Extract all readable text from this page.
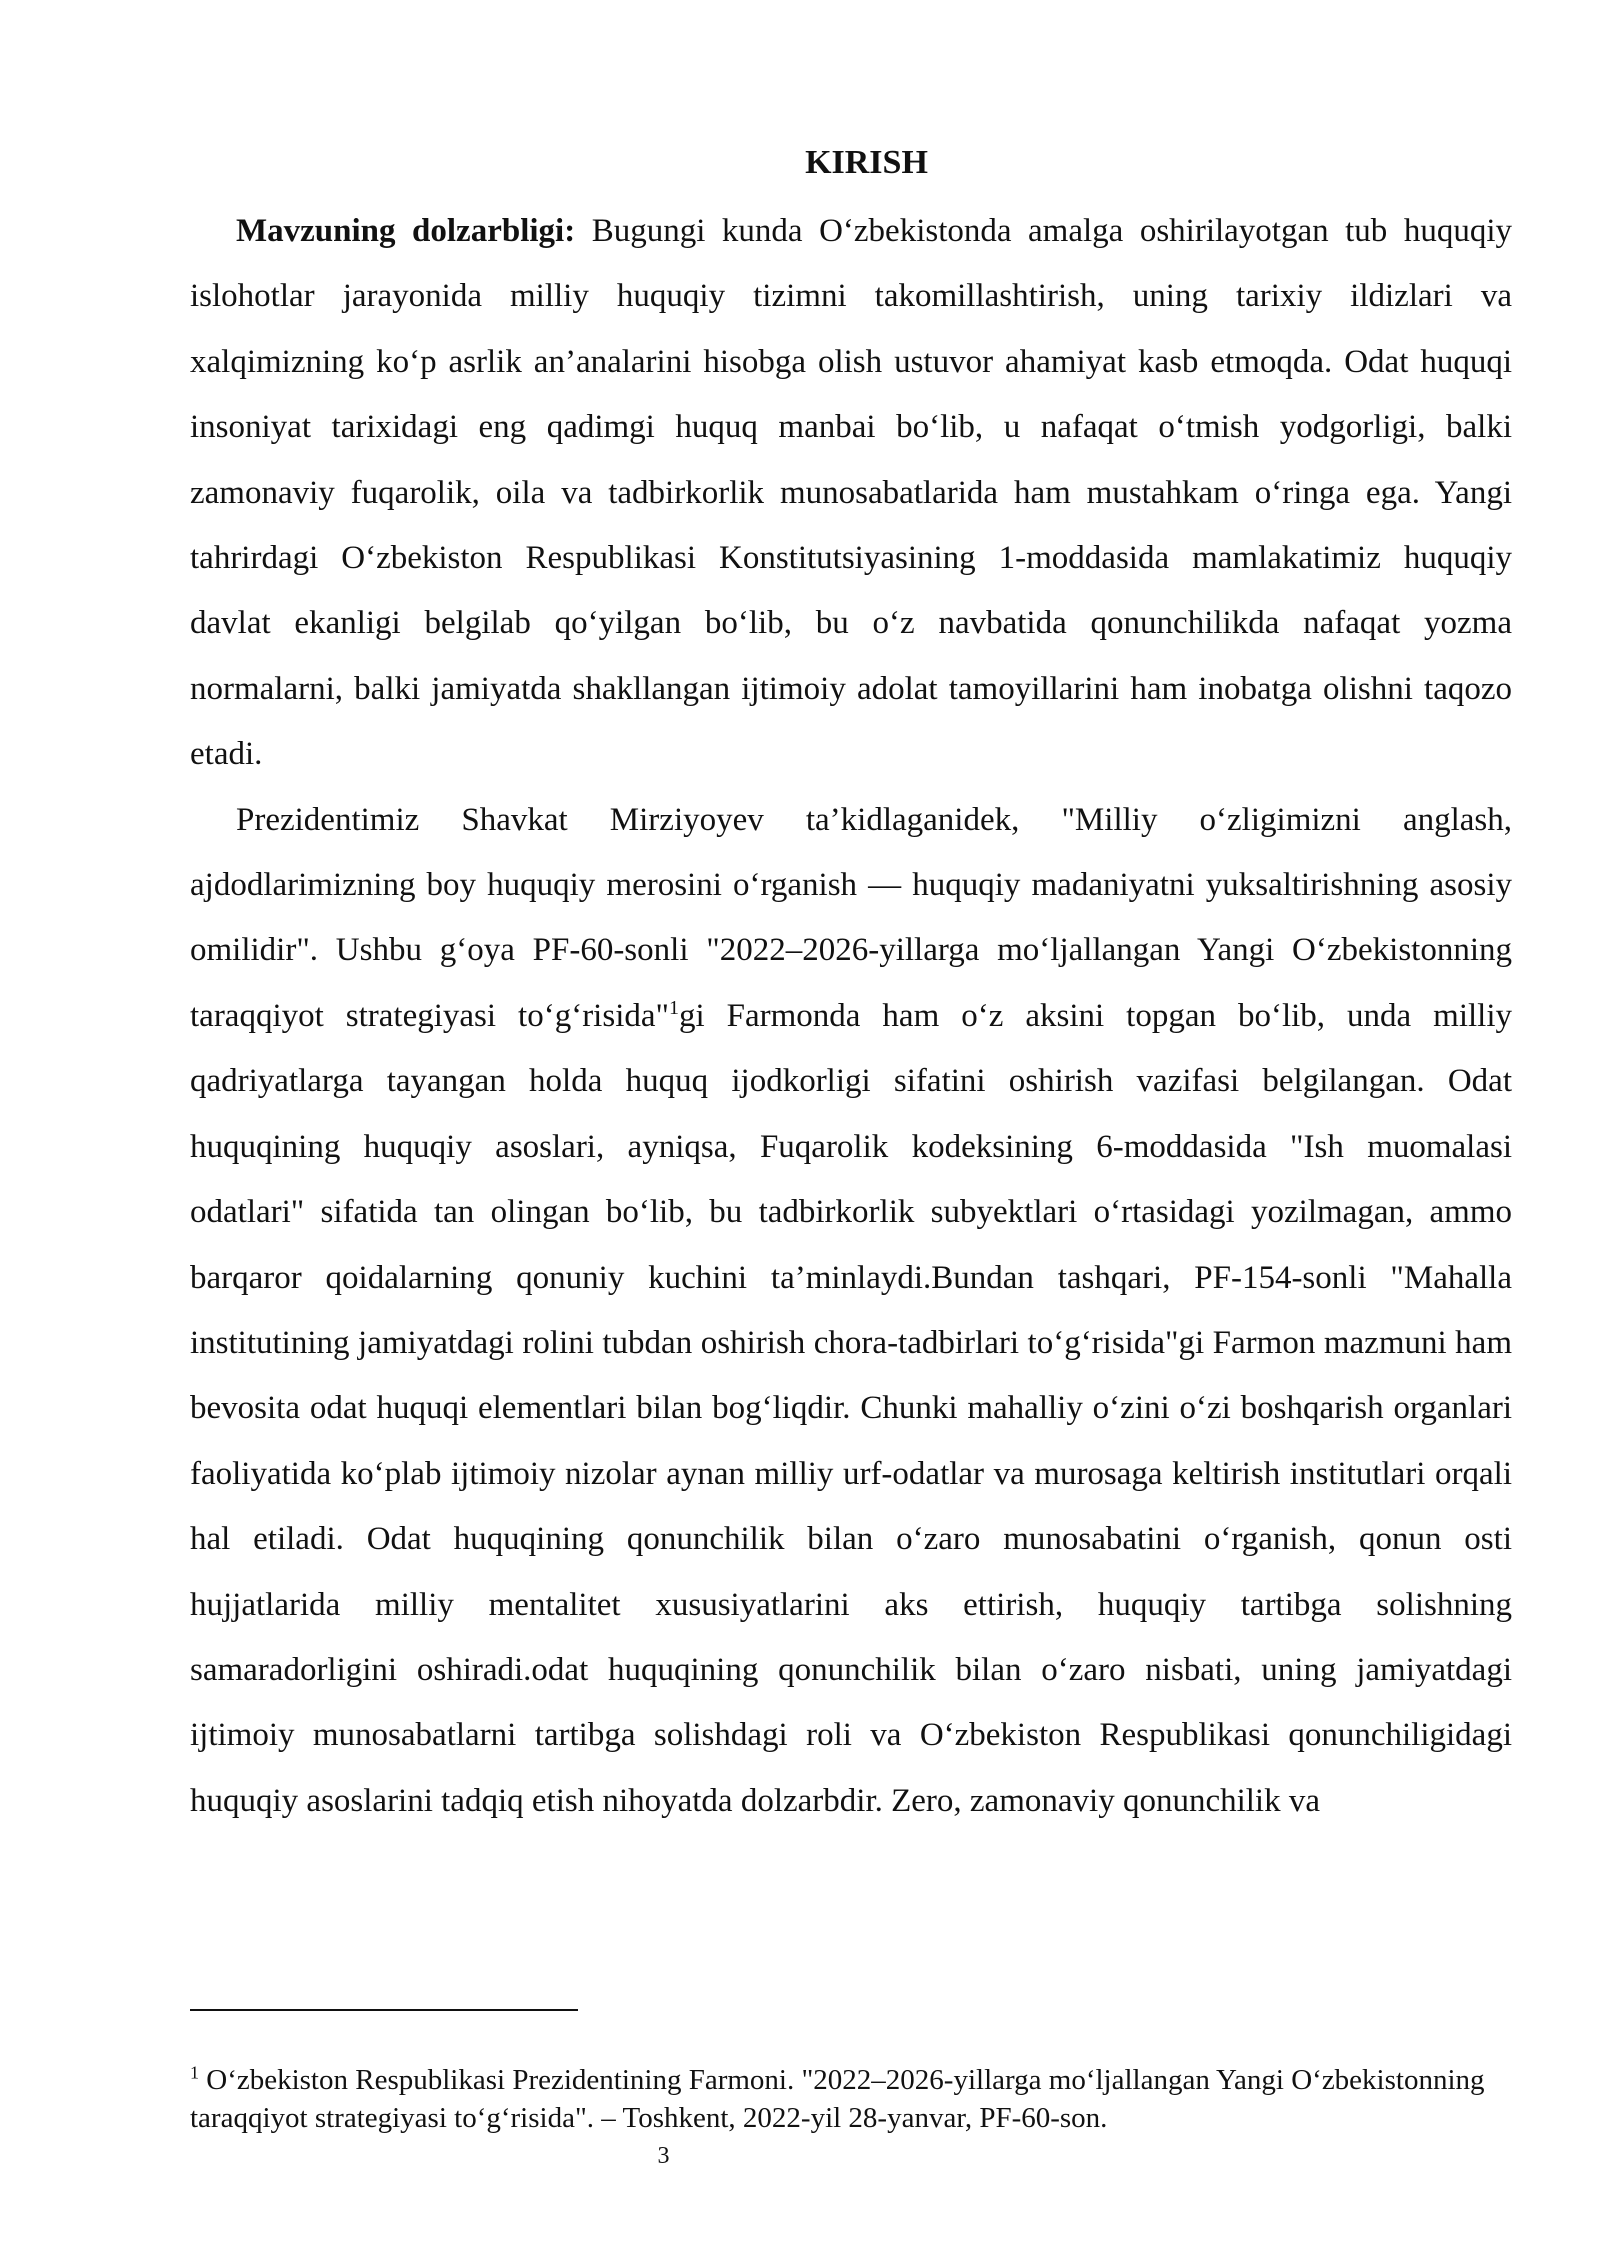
KIRISH

Mavzuning dolzarbligi: Bugungi kunda O‘zbekistonda amalga oshirilayotgan tub huquqiy islohotlar jarayonida milliy huquqiy tizimni takomillashtirish, uning tarixiy ildizlari va xalqimizning ko‘p asrlik an’analarini hisobga olish ustuvor ahamiyat kasb etmoqda. Odat huquqi insoniyat tarixidagi eng qadimgi huquq manbai bo‘lib, u nafaqat o‘tmish yodgorligi, balki zamonaviy fuqarolik, oila va tadbirkorlik munosabatlarida ham mustahkam o‘ringa ega. Yangi tahrirdagi O‘zbekiston Respublikasi Konstitutsiyasining 1-moddasida mamlakatimiz huquqiy davlat ekanligi belgilab qo‘yilgan bo‘lib, bu o‘z navbatida qonunchilikda nafaqat yozma normalarni, balki jamiyatda shakllangan ijtimoiy adolat tamoyillarini ham inobatga olishni taqozo etadi.

Prezidentimiz Shavkat Mirziyoyev ta’kidlaganidek, "Milliy o‘zligimizni anglash, ajdodlarimizning boy huquqiy merosini o‘rganish — huquqiy madaniyatni yuksaltirishning asosiy omilidir". Ushbu g‘oya PF-60-sonli "2022–2026-yillarga mo‘ljallangan Yangi O‘zbekistonning taraqqiyot strategiyasi to‘g‘risida"$^1$gi Farmonda ham o‘z aksini topgan bo‘lib, unda milliy qadriyatlarga tayangan holda huquq ijodkorligi sifatini oshirish vazifasi belgilangan. Odat huquqining huquqiy asoslari, ayniqsa, Fuqarolik kodeksining 6-moddasida "Ish muomalasi odatlari" sifatida tan olingan bo‘lib, bu tadbirkorlik subyektlari o‘rtasidagi yozilmagan, ammo barqaror qoidalarning qonuniy kuchini ta’minlaydi.Bundan tashqari, PF-154-sonli "Mahalla institutining jamiyatdagi rolini tubdan oshirish chora-tadbirlari to‘g‘risida"gi Farmon mazmuni ham bevosita odat huquqi elementlari bilan bog‘liqdir. Chunki mahalliy o‘zini o‘zi boshqarish organlari faoliyatida ko‘plab ijtimoiy nizolar aynan milliy urf-odatlar va murosaga keltirish institutlari orqali hal etiladi. Odat huquqining qonunchilik bilan o‘zaro munosabatini o‘rganish, qonun osti hujjatlarida milliy mentalitet xususiyatlarini aks ettirish, huquqiy tartibga solishning samaradorligini oshiradi.odat huquqining qonunchilik bilan o‘zaro nisbati, uning jamiyatdagi ijtimoiy munosabatlarni tartibga solishdagi roli va O‘zbekiston Respublikasi qonunchiligidagi huquqiy asoslarini tadqiq etish nihoyatda dolzarbdir. Zero, zamonaviy qonunchilik va

$^1$ O‘zbekiston Respublikasi Prezidentining Farmoni. "2022–2026-yillarga mo‘ljallangan Yangi O‘zbekistonning taraqqiyot strategiyasi to‘g‘risida". – Toshkent, 2022-yil 28-yanvar, PF-60-son.
3
